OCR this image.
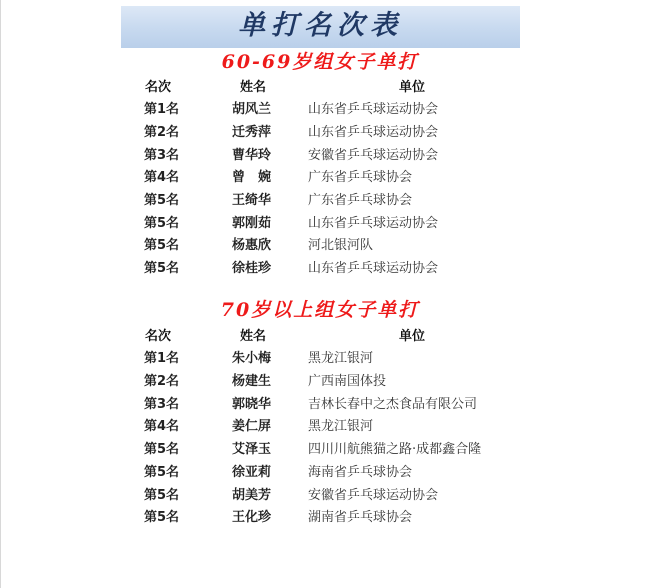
单打名次表
60-69岁组女子单打
名次	姓名	单位
第1名	胡风兰	山东省乒乓球运动协会
第2名	迁秀萍	山东省乒乓球运动协会
第3名	曹华玲	安徽省乒乓球运动协会
第4名	曾　婉	广东省乒乓球协会
第5名	王绮华	广东省乒乓球协会
第5名	郭刚茹	山东省乒乓球运动协会
第5名	杨惠欣	河北银河队
第5名	徐桂珍	山东省乒乓球运动协会
70岁以上组女子单打
名次	姓名	单位
第1名	朱小梅	黑龙江银河
第2名	杨建生	广西南国体投
第3名	郭晓华	吉林长春中之杰食品有限公司
第4名	姜仁屏	黑龙江银河
第5名	艾泽玉	四川川航熊猫之路·成都鑫合隆
第5名	徐亚莉	海南省乒乓球协会
第5名	胡美芳	安徽省乒乓球运动协会
第5名	王化珍	湖南省乒乓球协会
